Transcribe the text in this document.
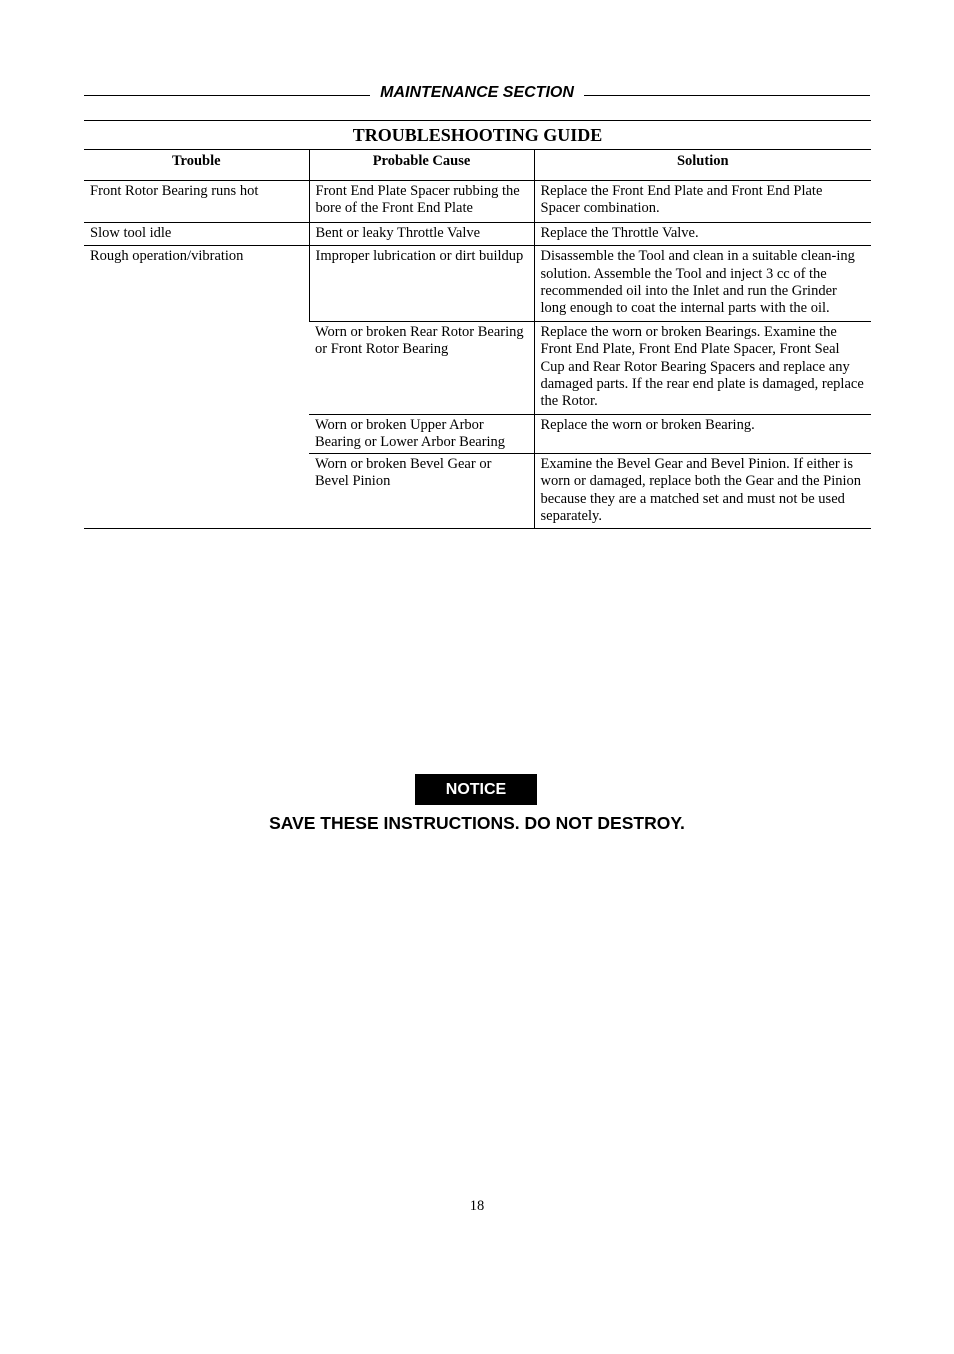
MAINTENANCE SECTION
TROUBLESHOOTING GUIDE
Trouble	Probable Cause	Solution
Front Rotor Bearing runs hot	Front End Plate Spacer rubbing the bore of the Front End Plate	Replace the Front End Plate and Front End Plate Spacer combination.
Slow tool idle	Bent or leaky Throttle Valve	Replace the Throttle Valve.
Rough operation/vibration	Improper lubrication or dirt buildup	Disassemble the Tool and clean in a suitable clean-ing solution. Assemble the Tool and inject 3 cc of the recommended oil into the Inlet and run the Grinder long enough to coat the internal parts with the oil.
	Worn or broken Rear Rotor Bearing or Front Rotor Bearing	Replace the worn or broken Bearings. Examine the Front End Plate, Front End Plate Spacer, Front Seal Cup and Rear Rotor Bearing Spacers and replace any damaged parts. If the rear end plate is damaged, replace the Rotor.
	Worn or broken Upper Arbor Bearing or Lower Arbor Bearing	Replace the worn or broken Bearing.
	Worn or broken Bevel Gear or Bevel Pinion	Examine the Bevel Gear and Bevel Pinion. If either is worn or damaged, replace both the Gear and the Pinion because they are a matched set and must not be used separately.
NOTICE
SAVE THESE INSTRUCTIONS. DO NOT DESTROY.
18
